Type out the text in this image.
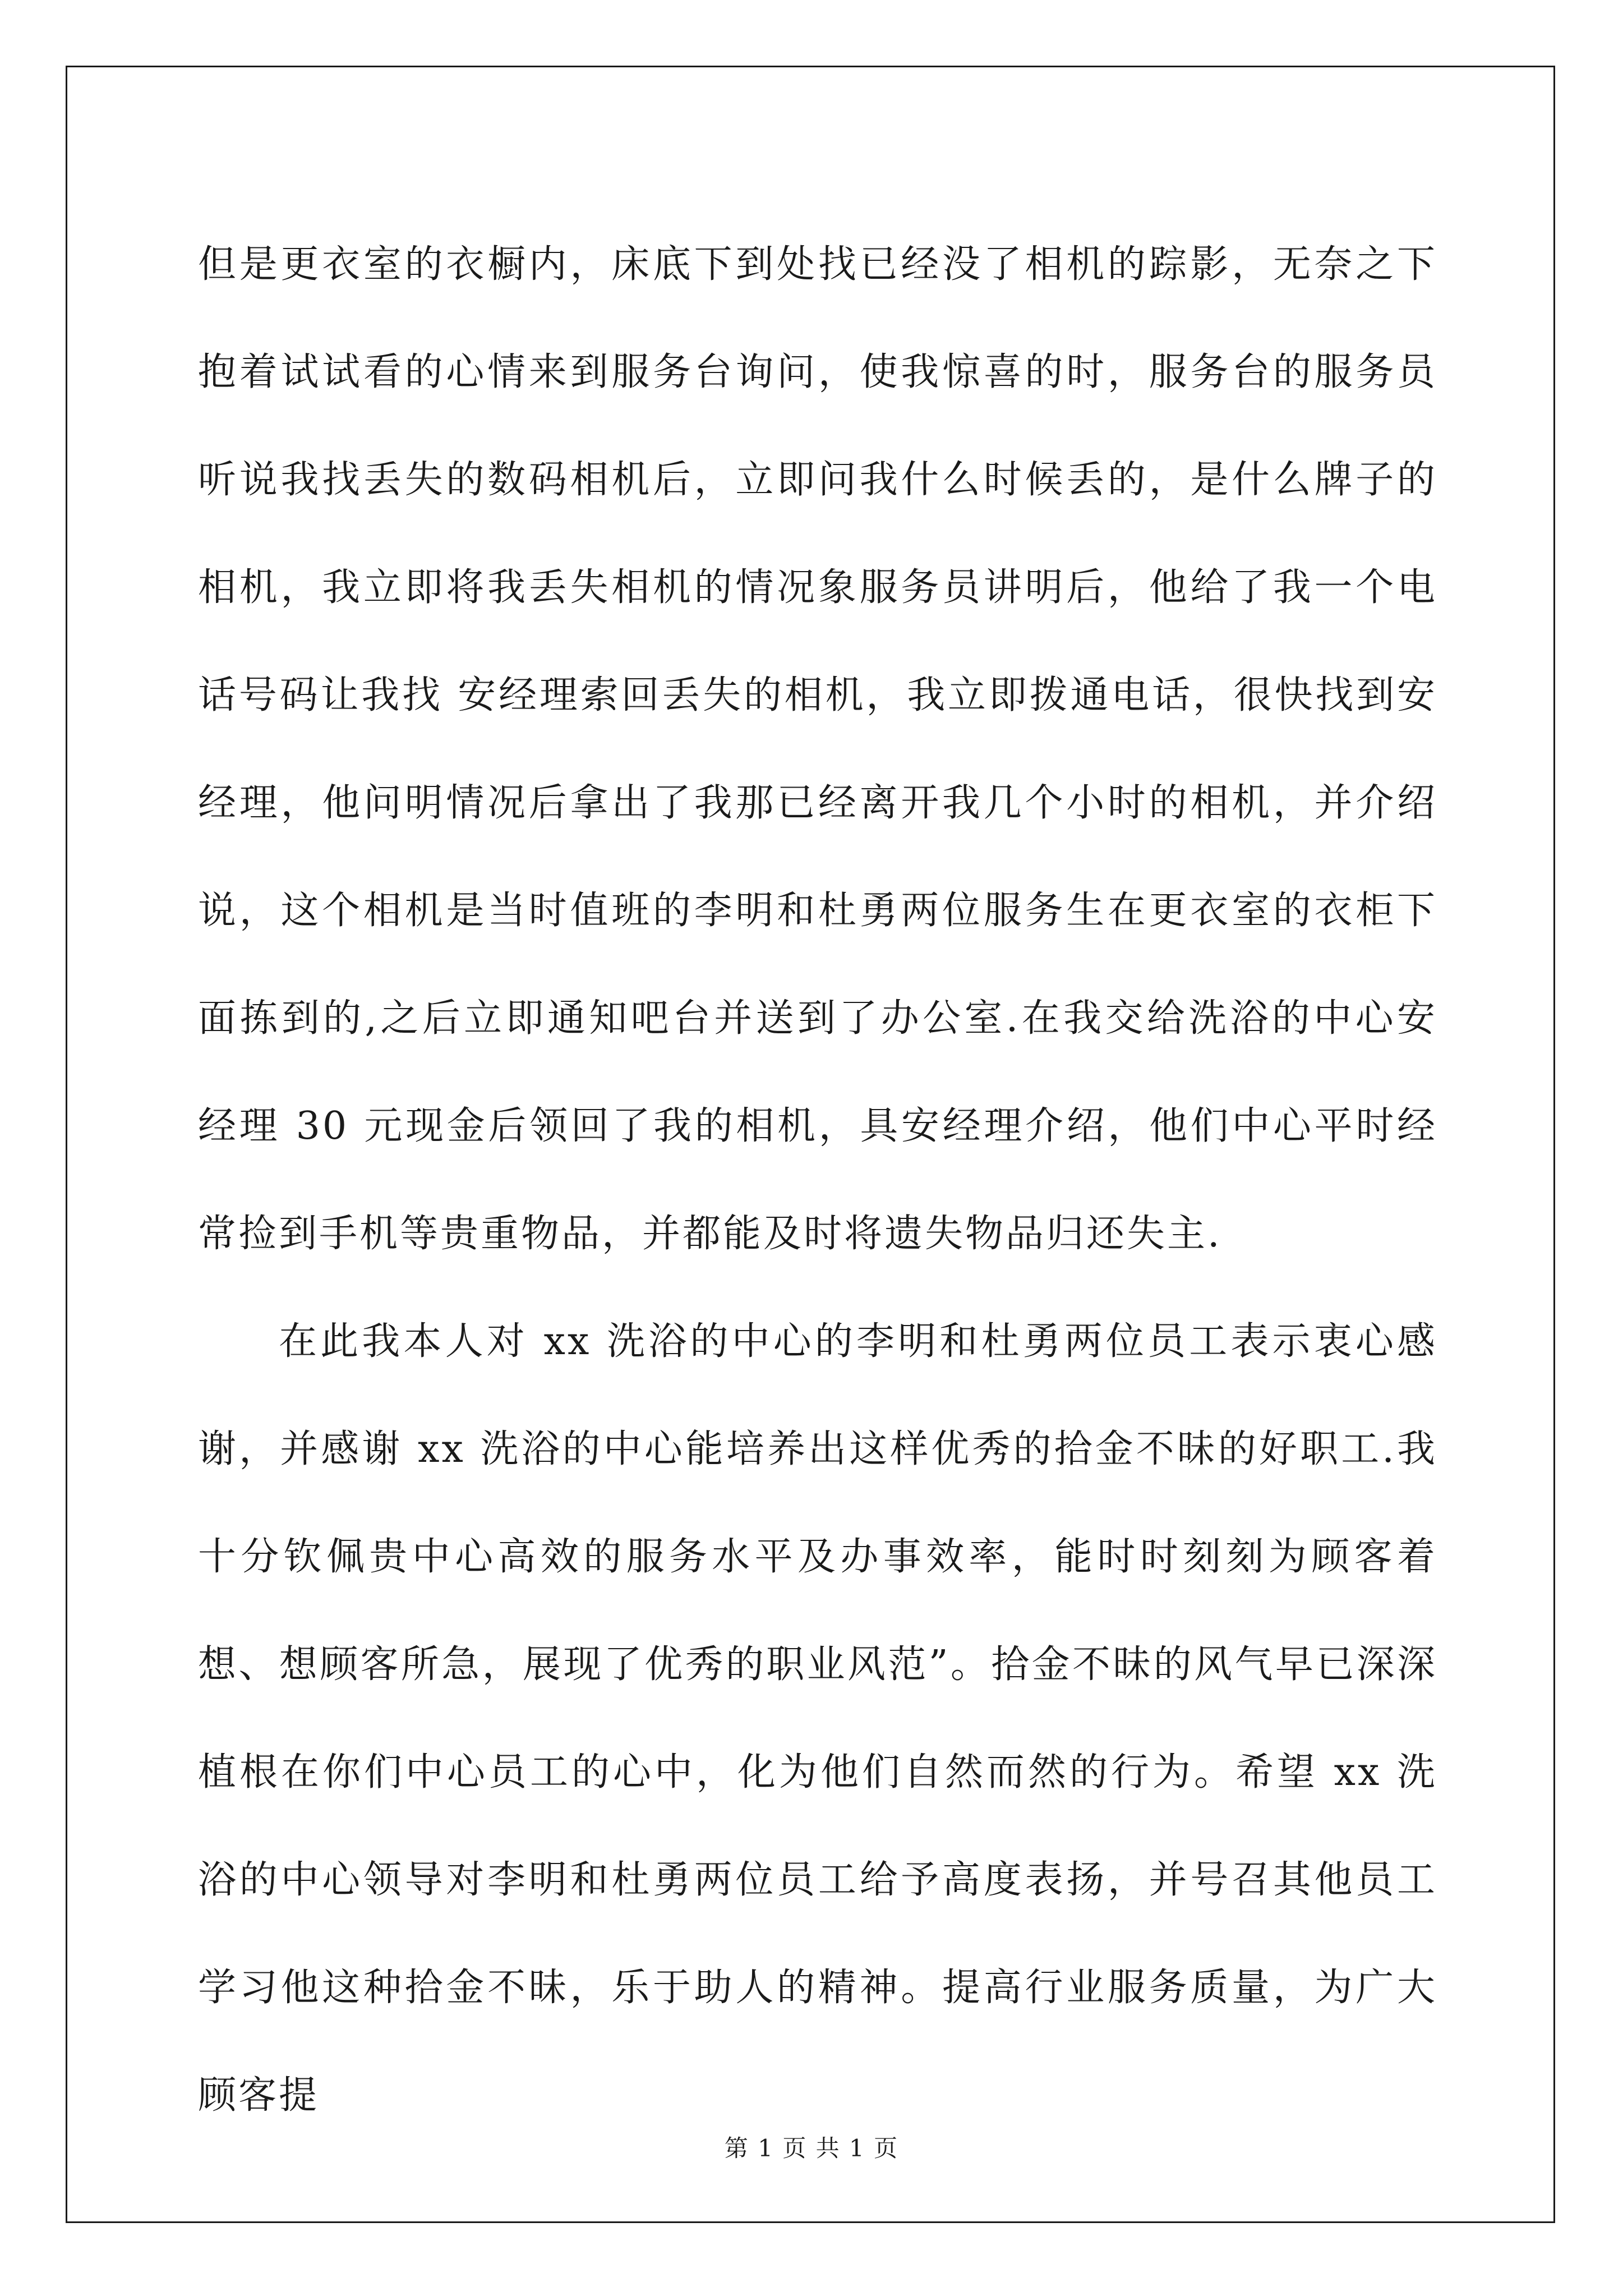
但是更衣室的衣橱内，床底下到处找已经没了相机的踪影，无奈之下抱着试试看的心情来到服务台询问，使我惊喜的时，服务台的服务员听说我找丢失的数码相机后，立即问我什么时候丢的，是什么牌子的相机，我立即将我丢失相机的情况象服务员讲明后，他给了我一个电话号码让我找 安经理索回丢失的相机，我立即拨通电话，很快找到安经理，他问明情况后拿出了我那已经离开我几个小时的相机，并介绍说，这个相机是当时值班的李明和杜勇两位服务生在更衣室的衣柜下面拣到的,之后立即通知吧台并送到了办公室.在我交给洗浴的中心安经理 30 元现金后领回了我的相机，具安经理介绍，他们中心平时经常捡到手机等贵重物品，并都能及时将遗失物品归还失主.

在此我本人对 xx 洗浴的中心的李明和杜勇两位员工表示衷心感谢，并感谢 xx 洗浴的中心能培养出这样优秀的拾金不昧的好职工.我十分钦佩贵中心高效的服务水平及办事效率，能时时刻刻为顾客着想、想顾客所急，展现了优秀的职业风范”。拾金不昧的风气早已深深植根在你们中心员工的心中，化为他们自然而然的行为。希望 xx 洗浴的中心领导对李明和杜勇两位员工给予高度表扬，并号召其他员工学习他这种拾金不昧，乐于助人的精神。提高行业服务质量，为广大顾客提

第 1 页 共 1 页
